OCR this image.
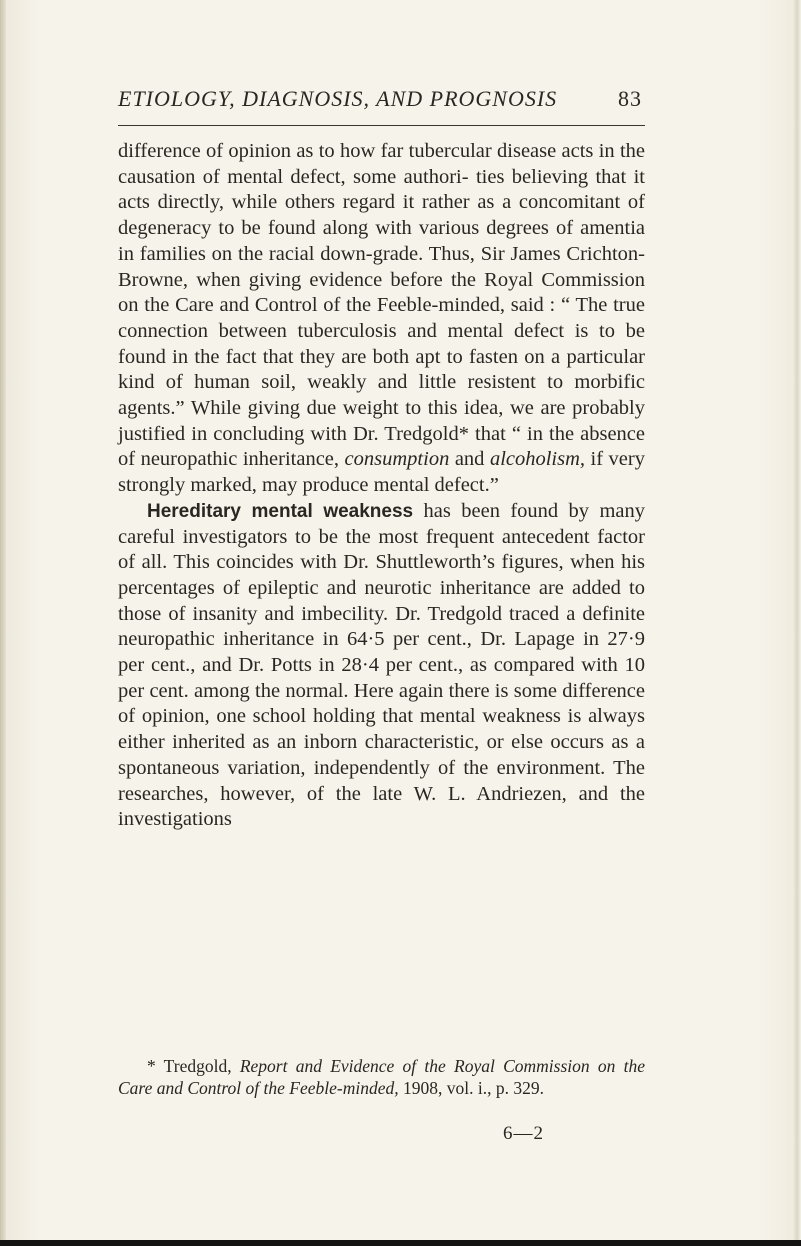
ETIOLOGY, DIAGNOSIS, AND PROGNOSIS	83

difference of opinion as to how far tubercular disease acts in the causation of mental defect, some authori‑ ties believing that it acts directly, while others regard it rather as a concomitant of degeneracy to be found along with various degrees of amentia in families on the racial down-grade. Thus, Sir James Crichton-Browne, when giving evidence before the Royal Commission on the Care and Control of the Feeble-minded, said : “ The true connection between tuberculosis and mental defect is to be found in the fact that they are both apt to fasten on a particular kind of human soil, weakly and little resistent to morbific agents.” While giving due weight to this idea, we are probably justified in concluding with Dr. Tredgold* that “ in the absence of neuropathic inheritance, consumption and alcoholism, if very strongly marked, may produce mental defect.”

Hereditary mental weakness has been found by many careful investigators to be the most frequent antecedent factor of all. This coincides with Dr. Shuttleworth’s figures, when his percentages of epileptic and neurotic inheritance are added to those of insanity and imbecility. Dr. Tredgold traced a definite neuropathic inheritance in 64·5 per cent., Dr. Lapage in 27·9 per cent., and Dr. Potts in 28·4 per cent., as compared with 10 per cent. among the normal. Here again there is some difference of opinion, one school holding that mental weakness is always either inherited as an inborn characteristic, or else occurs as a spontaneous variation, independently of the environment. The researches, however, of the late W. L. Andriezen, and the investigations

* Tredgold, Report and Evidence of the Royal Commission on the Care and Control of the Feeble-minded, 1908, vol. i., p. 329.

6—2
